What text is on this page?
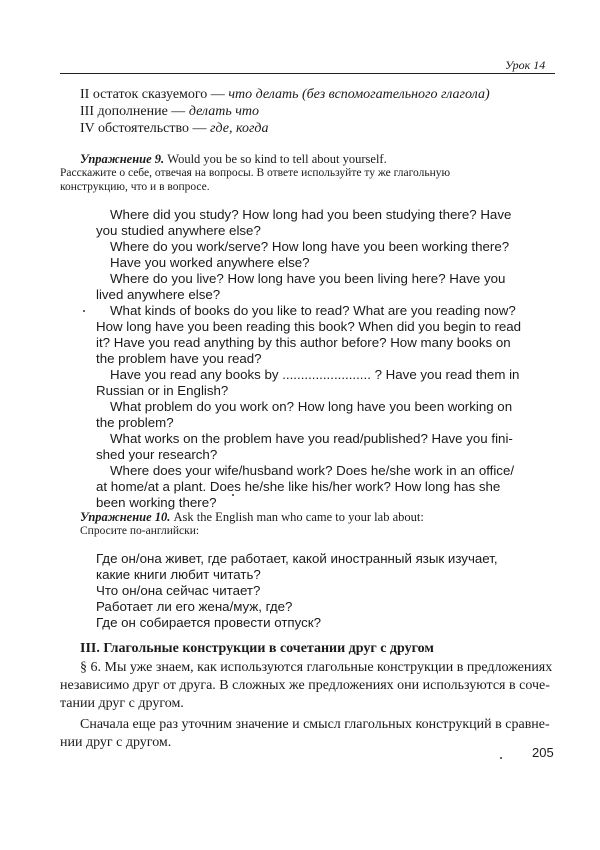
Урок 14
II остаток сказуемого — что делать (без вспомогательного глагола)
III дополнение — делать что
IV обстоятельство — где, когда
Упражнение 9. Would you be so kind to tell about yourself.
Расскажите о себе, отвечая на вопросы. В ответе используйте ту же глагольную
конструкцию, что и в вопросе.
Where did you study? How long had you been studying there? Have
you studied anywhere else?
Where do you work/serve? How long have you been working there?
Have you worked anywhere else?
Where do you live? How long have you been living here? Have you
lived anywhere else?
What kinds of books do you like to read? What are you reading now?
How long have you been reading this book? When did you begin to read
it? Have you read anything by this author before? How many books on
the problem have you read?
Have you read any books by ........................ ? Have you read them in
Russian or in English?
What problem do you work on? How long have you been working on
the problem?
What works on the problem have you read/published? Have you fini-
shed your research?
Where does your wife/husband work? Does he/she work in an office/
at home/at a plant. Does he/she like his/her work? How long has she
been working there?
Упражнение 10. Ask the English man who came to your lab about:
Спросите по-английски:
Где он/она живет, где работает, какой иностранный язык изучает,
какие книги любит читать?
Что он/она сейчас читает?
Работает ли его жена/муж, где?
Где он собирается провести отпуск?
III. Глагольные конструкции в сочетании друг с другом
§ 6. Мы уже знаем, как используются глагольные конструкции в предложениях
независимо друг от друга. В сложных же предложениях они используются в соче-
тании друг с другом.
Сначала еще раз уточним значение и смысл глагольных конструкций в сравне-
нии друг с другом.
205
